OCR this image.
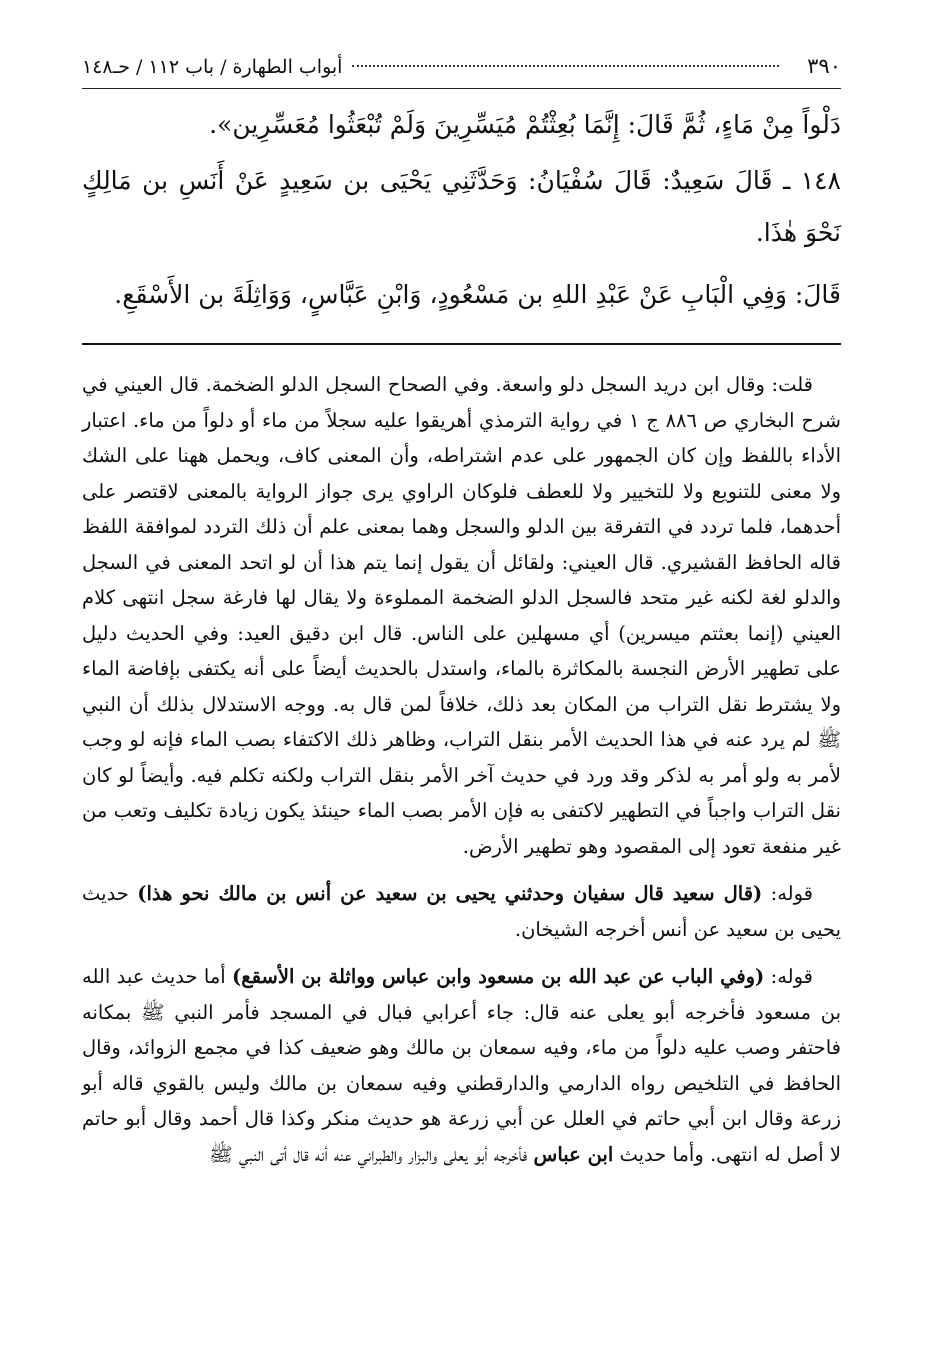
٣٩٠
أبواب الطهارة / باب ١١٢ / حـ١٤٨

دَلْواً مِنْ مَاءٍ، ثُمَّ قَالَ: إِنَّمَا بُعِثْتُمْ مُيَسِّرِينَ وَلَمْ تُبْعَثُوا مُعَسِّرِين».

١٤٨ ـ قَالَ سَعِيدٌ: قَالَ سُفْيَانُ: وَحَدَّثَنِي يَحْيَى بن سَعِيدٍ عَنْ أَنَسِ بن مَالِكٍ نَحْوَ هٰذَا.

قَالَ: وَفِي الْبَابِ عَنْ عَبْدِ اللهِ بن مَسْعُودٍ، وَابْنِ عَبَّاسٍ، وَوَاثِلَةَ بن الأَسْقَعِ.

قلت: وقال ابن دريد السجل دلو واسعة. وفي الصحاح السجل الدلو الضخمة. قال العيني في شرح البخاري ص ٨٨٦ ج ١ في رواية الترمذي أهريقوا عليه سجلاً من ماء أو دلواً من ماء. اعتبار الأداء باللفظ وإن كان الجمهور على عدم اشتراطه، وأن المعنى كاف، ويحمل ههنا على الشك ولا معنى للتنويع ولا للتخيير ولا للعطف فلوكان الراوي يرى جواز الرواية بالمعنى لاقتصر على أحدهما، فلما تردد في التفرقة بين الدلو والسجل وهما بمعنى علم أن ذلك التردد لموافقة اللفظ قاله الحافظ القشيري. قال العيني: ولقائل أن يقول إنما يتم هذا أن لو اتحد المعنى في السجل والدلو لغة لكنه غير متحد فالسجل الدلو الضخمة المملوءة ولا يقال لها فارغة سجل انتهى كلام العيني (إنما بعثتم ميسرين) أي مسهلين على الناس. قال ابن دقيق العيد: وفي الحديث دليل على تطهير الأرض النجسة بالمكاثرة بالماء، واستدل بالحديث أيضاً على أنه يكتفى بإفاضة الماء ولا يشترط نقل التراب من المكان بعد ذلك، خلافاً لمن قال به. ووجه الاستدلال بذلك أن النبي ﷺ لم يرد عنه في هذا الحديث الأمر بنقل التراب، وظاهر ذلك الاكتفاء بصب الماء فإنه لو وجب لأمر به ولو أمر به لذكر وقد ورد في حديث آخر الأمر بنقل التراب ولكنه تكلم فيه. وأيضاً لو كان نقل التراب واجباً في التطهير لاكتفى به فإن الأمر بصب الماء حينئذ يكون زيادة تكليف وتعب من غير منفعة تعود إلى المقصود وهو تطهير الأرض.

قوله: (قال سعيد قال سفيان وحدثني يحيى بن سعيد عن أنس بن مالك نحو هذا) حديث يحيى بن سعيد عن أنس أخرجه الشيخان.

قوله: (وفي الباب عن عبد الله بن مسعود وابن عباس وواثلة بن الأسقع) أما حديث عبد الله بن مسعود فأخرجه أبو يعلى عنه قال: جاء أعرابي فبال في المسجد فأمر النبي ﷺ بمكانه فاحتفر وصب عليه دلواً من ماء، وفيه سمعان بن مالك وهو ضعيف كذا في مجمع الزوائد، وقال الحافظ في التلخيص رواه الدارمي والدارقطني وفيه سمعان بن مالك وليس بالقوي قاله أبو زرعة وقال ابن أبي حاتم في العلل عن أبي زرعة هو حديث منكر وكذا قال أحمد وقال أبو حاتم لا أصل له انتهى. وأما حديث ابن عباس فأخرجه أبو يعلى والبزار والطبراني عنه أنه قال أتى النبي ﷺ
